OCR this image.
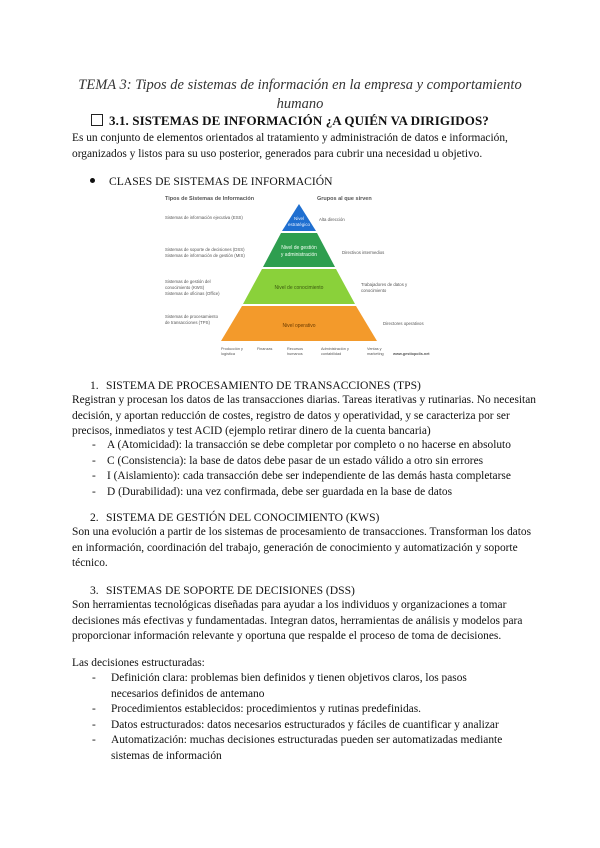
TEMA 3: Tipos de sistemas de información en la empresa y comportamiento humano
3.1. SISTEMAS DE INFORMACIÓN ¿A QUIÉN VA DIRIGIDOS?
Es un conjunto de elementos orientados al tratamiento y administración de datos e información, organizados y listos para su uso posterior, generados para cubrir una necesidad u objetivo.
CLASES DE SISTEMAS DE INFORMACIÓN
Tipos de Sistemas de Información	Grupos al que sirven
Nivel
estratégico
Nivel de gestión
y administración
Nivel de conocimiento
Nivel operativo
Sistemas de información ejecutiva (ESS)
Sistemas de soporte de decisiones (DSS)
Sistemas de información de gestión (MIS)
Sistemas de gestión del
conocimiento (KWS)
Sistemas de oficinas (Office)
Sistemas de procesamiento
de transacciones (TPS)
Alta dirección
Directivos intermedios
Trabajadores de datos y
conocimiento
Directores operativos
Producción y
logística
Finanzas	Recursos
humanos
Administración y
contabilidad
Ventas y
marketing www.gestiopolis.net
1. SISTEMA DE PROCESAMIENTO DE TRANSACCIONES (TPS)
Registran y procesan los datos de las transacciones diarias. Tareas iterativas y rutinarias. No necesitan decisión, y aportan reducción de costes, registro de datos y operatividad, y se caracteriza por ser precisos, inmediatos y test ACID (ejemplo retirar dinero de la cuenta bancaria)
- A (Atomicidad): la transacción se debe completar por completo o no hacerse en absoluto
- C (Consistencia): la base de datos debe pasar de un estado válido a otro sin errores
- I (Aislamiento): cada transacción debe ser independiente de las demás hasta completarse
- D (Durabilidad): una vez confirmada, debe ser guardada en la base de datos
2. SISTEMA DE GESTIÓN DEL CONOCIMIENTO (KWS)
Son una evolución a partir de los sistemas de procesamiento de transacciones. Transforman los datos en información, coordinación del trabajo, generación de conocimiento y automatización y soporte técnico.
3. SISTEMAS DE SOPORTE DE DECISIONES (DSS)
Son herramientas tecnológicas diseñadas para ayudar a los individuos y organizaciones a tomar decisiones más efectivas y fundamentadas. Integran datos, herramientas de análisis y modelos para proporcionar información relevante y oportuna que respalde el proceso de toma de decisiones.
Las decisiones estructuradas:
- Definición clara: problemas bien definidos y tienen objetivos claros, los pasos necesarios definidos de antemano
- Procedimientos establecidos: procedimientos y rutinas predefinidas.
- Datos estructurados: datos necesarios estructurados y fáciles de cuantificar y analizar
- Automatización: muchas decisiones estructuradas pueden ser automatizadas mediante sistemas de información
